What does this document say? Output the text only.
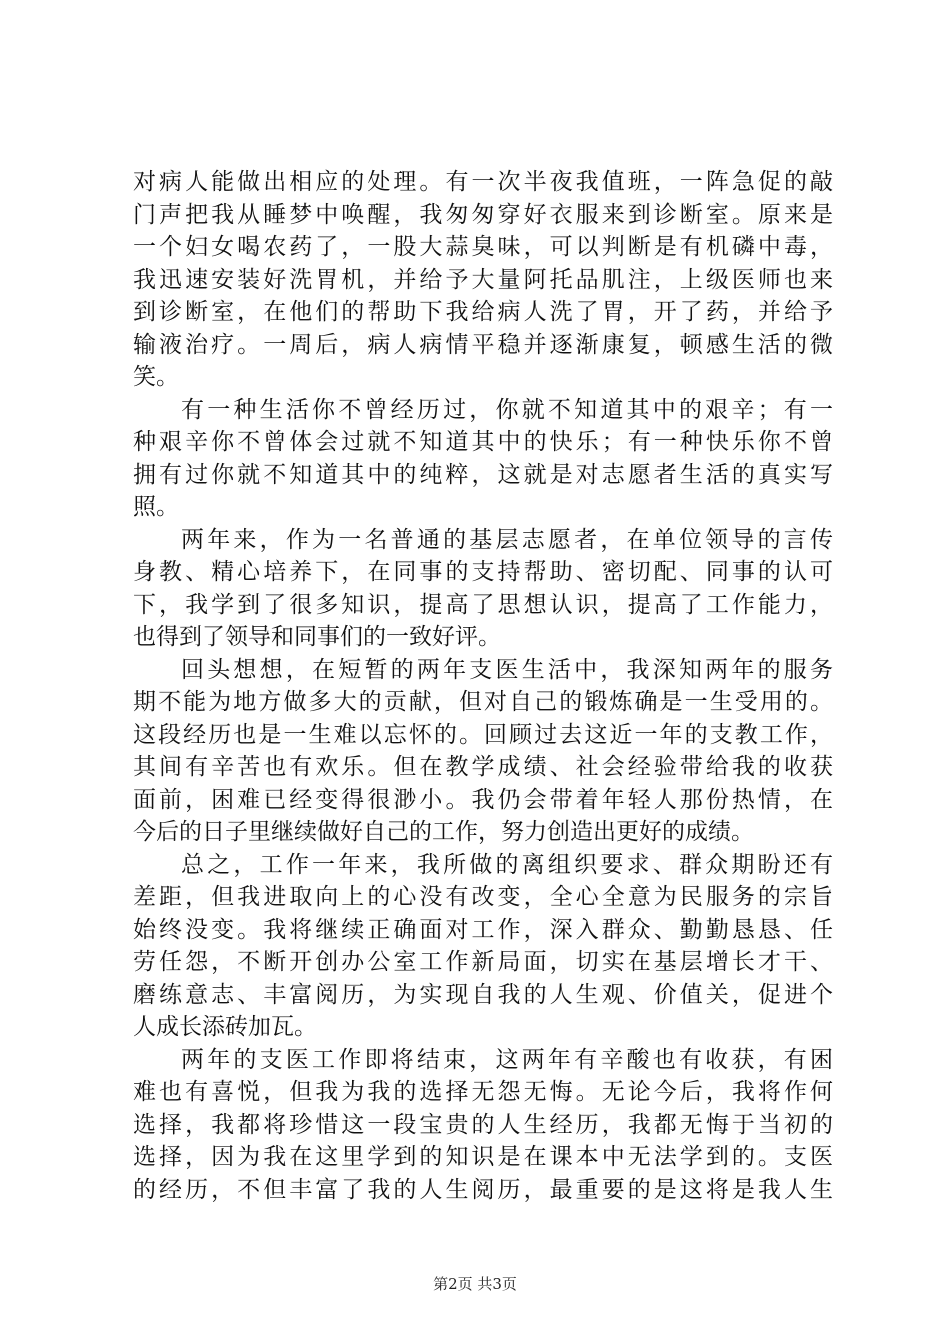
对病人能做出相应的处理。有一次半夜我值班，一阵急促的敲
门声把我从睡梦中唤醒，我匆匆穿好衣服来到诊断室。原来是
一个妇女喝农药了，一股大蒜臭味，可以判断是有机磷中毒，
我迅速安装好洗胃机，并给予大量阿托品肌注，上级医师也来
到诊断室，在他们的帮助下我给病人洗了胃，开了药，并给予
输液治疗。一周后，病人病情平稳并逐渐康复，顿感生活的微
笑。
有一种生活你不曾经历过，你就不知道其中的艰辛；有一
种艰辛你不曾体会过就不知道其中的快乐；有一种快乐你不曾
拥有过你就不知道其中的纯粹，这就是对志愿者生活的真实写
照。
两年来，作为一名普通的基层志愿者，在单位领导的言传
身教、精心培养下，在同事的支持帮助、密切配、同事的认可
下，我学到了很多知识，提高了思想认识，提高了工作能力，
也得到了领导和同事们的一致好评。
回头想想，在短暂的两年支医生活中，我深知两年的服务
期不能为地方做多大的贡献，但对自己的锻炼确是一生受用的。
这段经历也是一生难以忘怀的。回顾过去这近一年的支教工作，
其间有辛苦也有欢乐。但在教学成绩、社会经验带给我的收获
面前，困难已经变得很渺小。我仍会带着年轻人那份热情，在
今后的日子里继续做好自己的工作，努力创造出更好的成绩。
总之，工作一年来，我所做的离组织要求、群众期盼还有
差距，但我进取向上的心没有改变，全心全意为民服务的宗旨
始终没变。我将继续正确面对工作，深入群众、勤勤恳恳、任
劳任怨，不断开创办公室工作新局面，切实在基层增长才干、
磨练意志、丰富阅历，为实现自我的人生观、价值关，促进个
人成长添砖加瓦。
两年的支医工作即将结束，这两年有辛酸也有收获，有困
难也有喜悦，但我为我的选择无怨无悔。无论今后，我将作何
选择，我都将珍惜这一段宝贵的人生经历，我都无悔于当初的
选择，因为我在这里学到的知识是在课本中无法学到的。支医
的经历，不但丰富了我的人生阅历，最重要的是这将是我人生
第2页 共3页
